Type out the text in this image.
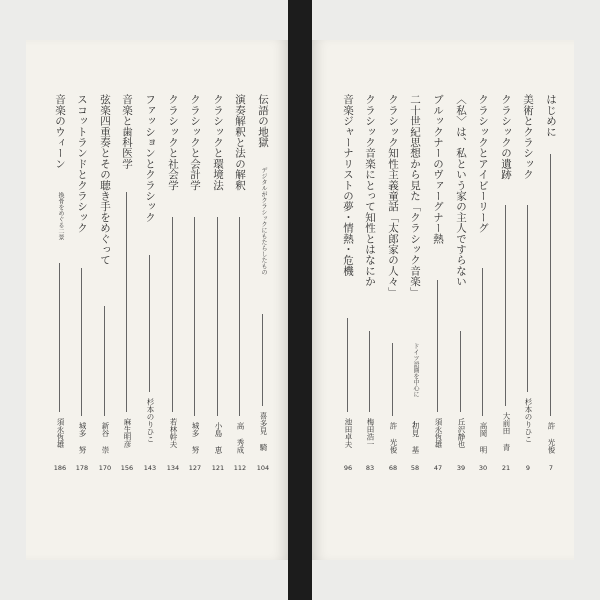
はじめに
許 光俊
7
美術とクラシック
杉本のりひこ
9
クラシックの遺跡
大前田 青
21
クラシックとアイビーリーグ
高岡 明
30
〈私〉は、私という家の主人ですらない
丘沢静也
39
ブルックナーのヴァーグナー熱
須永恆雄
47
二十世紀思想から見た「クラシック音楽」
ドイツ語圏を中心に
初見 基
58
クラシック知性主義童話「太郎家の人々」
許 光俊
68
クラシック音楽にとって知性とはなにか
梅田浩一
83
音楽ジャーナリストの夢・情熱・危機
池田卓夫
96
伝語の地獄
デジタルがクラシックにもたらしたもの
喜多見 騎
104
演奏解釈と法の解釈
高 秀成
112
クラシックと環境法
小島 恵
121
クラシックと会計学
城多 努
127
クラシックと社会学
若林幹夫
134
ファッションとクラシック
杉本のりひこ
143
音楽と歯科医学
麻生明彦
156
弦楽四重奏とその聴き手をめぐって
新谷 崇
170
スコットランドとクラシック
城多 努
178
音楽のウィーン
換骨をめぐる二景
須永恆雄
186
